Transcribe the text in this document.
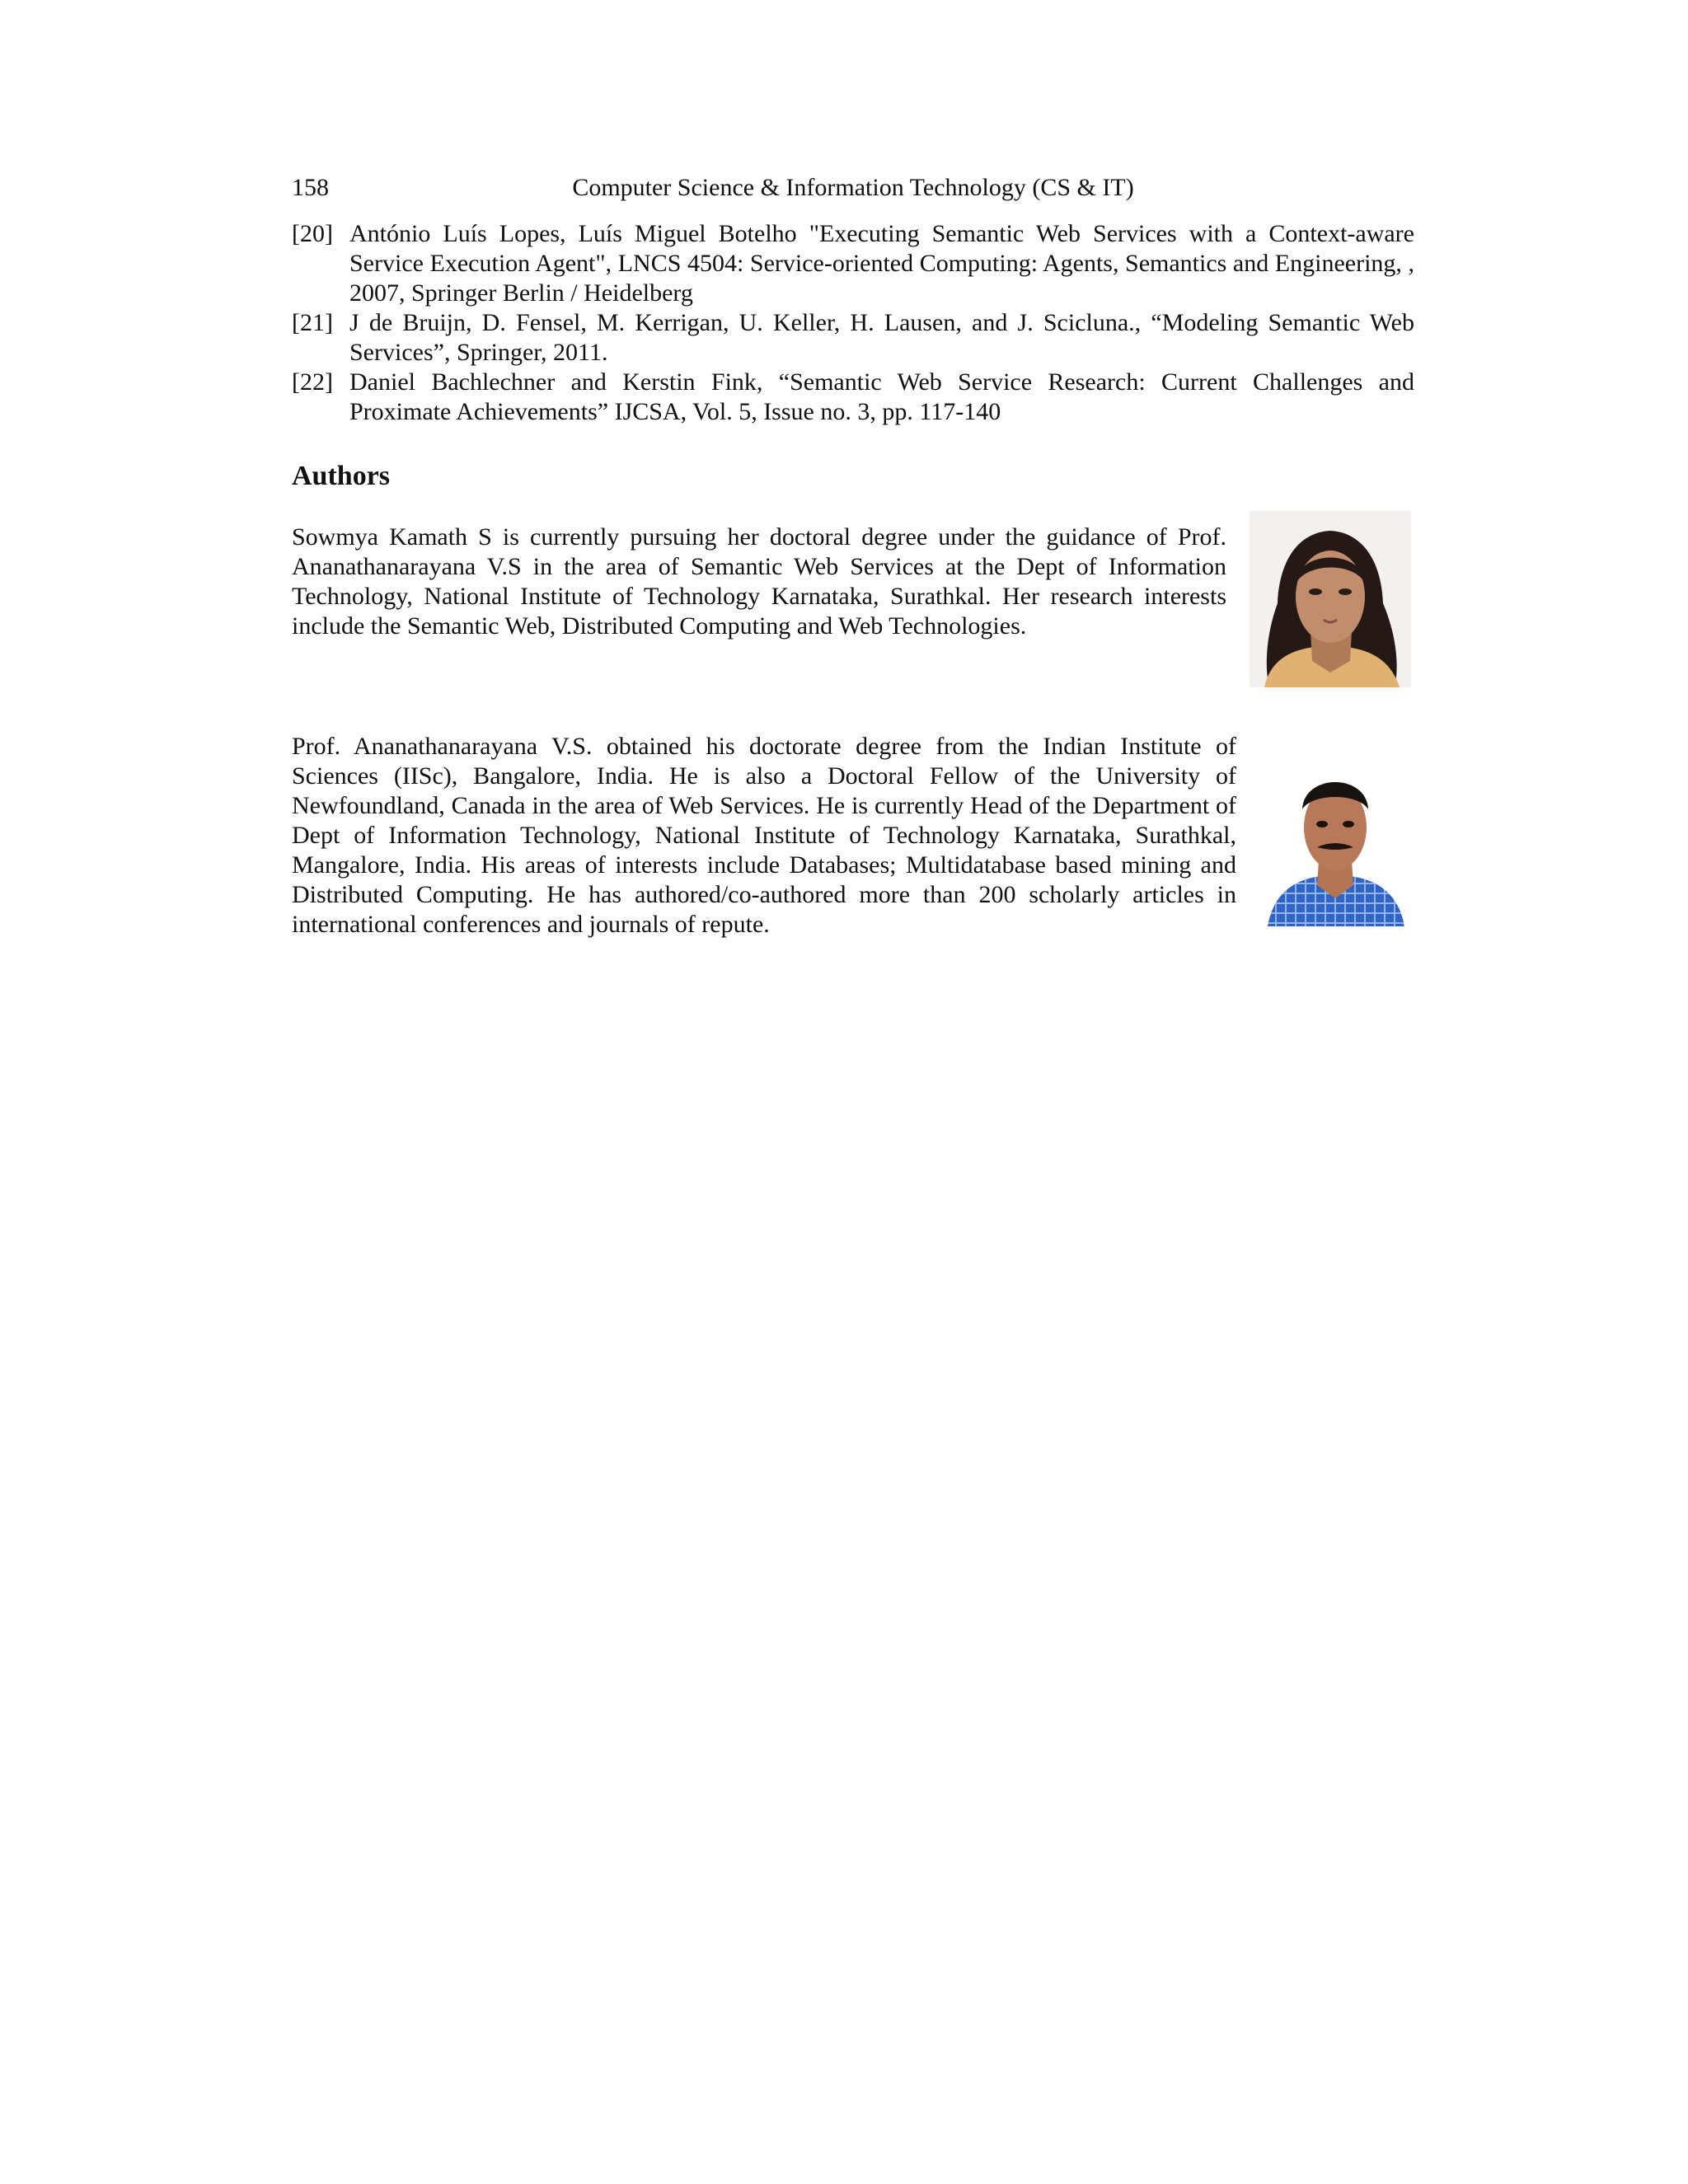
158	Computer Science & Information Technology (CS & IT)
[20] António Luís Lopes, Luís Miguel Botelho "Executing Semantic Web Services with a Context-aware Service Execution Agent", LNCS 4504: Service-oriented Computing: Agents, Semantics and Engineering, , 2007, Springer Berlin / Heidelberg
[21] J de Bruijn, D. Fensel, M. Kerrigan, U. Keller, H. Lausen, and J. Scicluna., “Modeling Semantic Web Services”, Springer, 2011.
[22] Daniel Bachlechner and Kerstin Fink, “Semantic Web Service Research: Current Challenges and Proximate Achievements” IJCSA, Vol. 5, Issue no. 3, pp. 117-140
Authors

Sowmya Kamath S is currently pursuing her doctoral degree under the guidance of Prof. Ananathanarayana V.S in the area of Semantic Web Services at the Dept of Information Technology, National Institute of Technology Karnataka, Surathkal. Her research interests include the Semantic Web, Distributed Computing and Web Technologies.

Prof. Ananathanarayana V.S. obtained his doctorate degree from the Indian Institute of Sciences (IISc), Bangalore, India. He is also a Doctoral Fellow of the University of Newfoundland, Canada in the area of Web Services. He is currently Head of the Department of Dept of Information Technology, National Institute of Technology Karnataka, Surathkal, Mangalore, India. His areas of interests include Databases; Multidatabase based mining and Distributed Computing. He has authored/co-authored more than 200 scholarly articles in international conferences and journals of repute.
